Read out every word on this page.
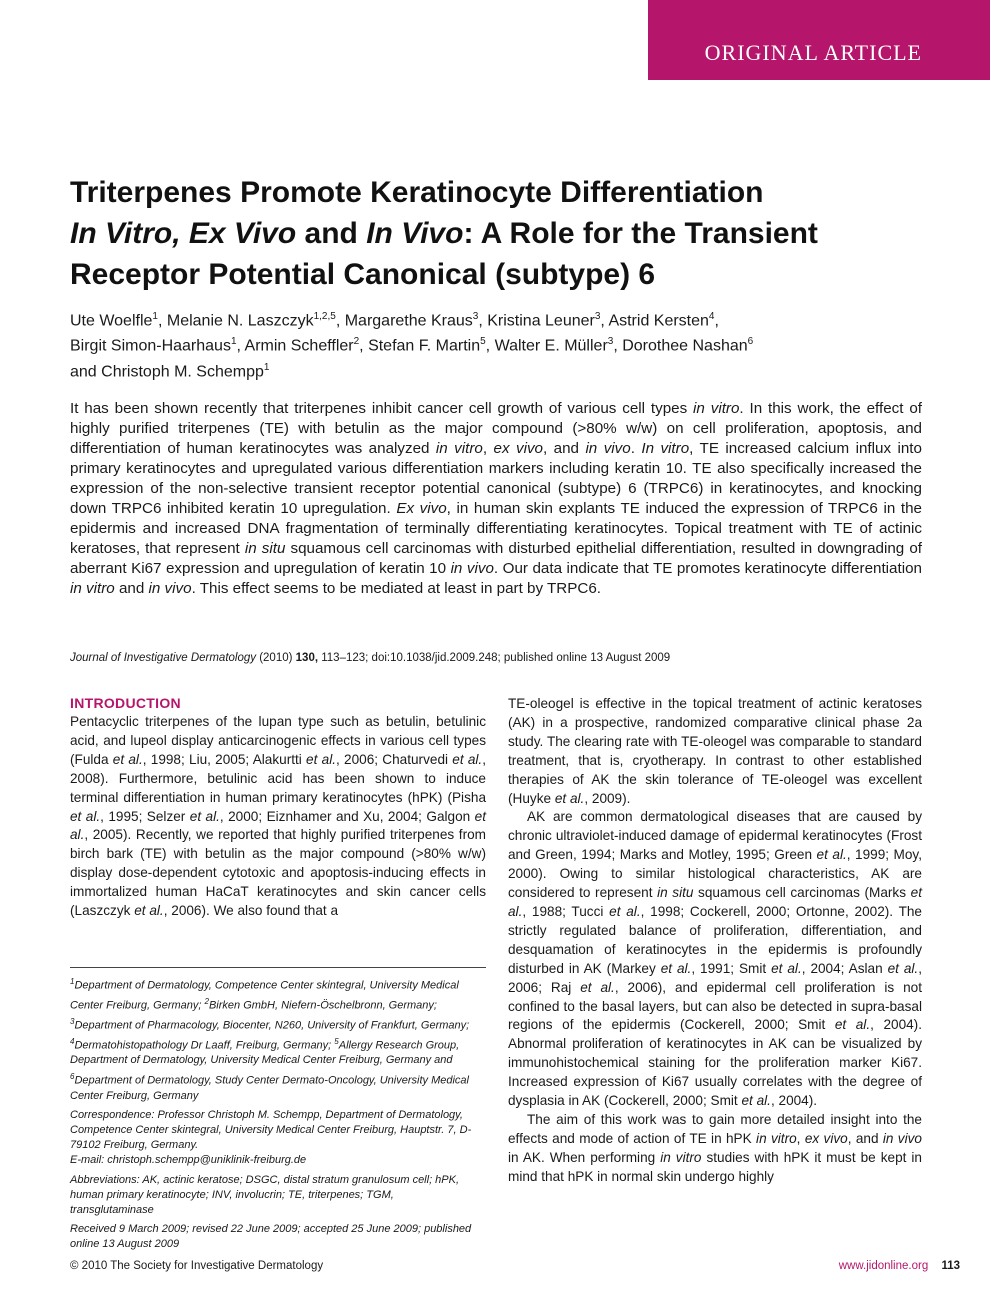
ORIGINAL ARTICLE
Triterpenes Promote Keratinocyte Differentiation
In Vitro, Ex Vivo and In Vivo: A Role for the Transient
Receptor Potential Canonical (subtype) 6

Ute Woelfle$^1$, Melanie N. Laszczyk$^{1,2,5}$, Margarethe Kraus$^3$, Kristina Leuner$^3$, Astrid Kersten$^4$,
Birgit Simon-Haarhaus$^1$, Armin Scheffler$^2$, Stefan F. Martin$^5$, Walter E. Müller$^3$, Dorothee Nashan$^6$
and Christoph M. Schempp$^1$

It has been shown recently that triterpenes inhibit cancer cell growth of various cell types in vitro. In this work, the effect of highly purified triterpenes (TE) with betulin as the major compound (>80% w/w) on cell proliferation, apoptosis, and differentiation of human keratinocytes was analyzed in vitro, ex vivo, and in vivo. In vitro, TE increased calcium influx into primary keratinocytes and upregulated various differentiation markers including keratin 10. TE also specifically increased the expression of the non-selective transient receptor potential canonical (subtype) 6 (TRPC6) in keratinocytes, and knocking down TRPC6 inhibited keratin 10 upregulation. Ex vivo, in human skin explants TE induced the expression of TRPC6 in the epidermis and increased DNA fragmentation of terminally differentiating keratinocytes. Topical treatment with TE of actinic keratoses, that represent in situ squamous cell carcinomas with disturbed epithelial differentiation, resulted in downgrading of aberrant Ki67 expression and upregulation of keratin 10 in vivo. Our data indicate that TE promotes keratinocyte differentiation in vitro and in vivo. This effect seems to be mediated at least in part by TRPC6.

Journal of Investigative Dermatology (2010) 130, 113–123; doi:10.1038/jid.2009.248; published online 13 August 2009

INTRODUCTION

Pentacyclic triterpenes of the lupan type such as betulin, betulinic acid, and lupeol display anticarcinogenic effects in various cell types (Fulda et al., 1998; Liu, 2005; Alakurtti et al., 2006; Chaturvedi et al., 2008). Furthermore, betulinic acid has been shown to induce terminal differentiation in human primary keratinocytes (hPK) (Pisha et al., 1995; Selzer et al., 2000; Eiznhamer and Xu, 2004; Galgon et al., 2005). Recently, we reported that highly purified triterpenes from birch bark (TE) with betulin as the major compound (>80% w/w) display dose-dependent cytotoxic and apoptosis-inducing effects in immortalized human HaCaT keratinocytes and skin cancer cells (Laszczyk et al., 2006). We also found that a

$^1$Department of Dermatology, Competence Center skintegral, University Medical Center Freiburg, Germany; $^2$Birken GmbH, Niefern-Öschelbronn, Germany; $^3$Department of Pharmacology, Biocenter, N260, University of Frankfurt, Germany; $^4$Dermatohistopathology Dr Laaff, Freiburg, Germany; $^5$Allergy Research Group, Department of Dermatology, University Medical Center Freiburg, Germany and $^6$Department of Dermatology, Study Center Dermato-Oncology, University Medical Center Freiburg, Germany

Correspondence: Professor Christoph M. Schempp, Department of Dermatology, Competence Center skintegral, University Medical Center Freiburg, Hauptstr. 7, D-79102 Freiburg, Germany.
E-mail: christoph.schempp@uniklinik-freiburg.de

Abbreviations: AK, actinic keratose; DSGC, distal stratum granulosum cell; hPK, human primary keratinocyte; INV, involucrin; TE, triterpenes; TGM, transglutaminase

Received 9 March 2009; revised 22 June 2009; accepted 25 June 2009; published online 13 August 2009

TE-oleogel is effective in the topical treatment of actinic keratoses (AK) in a prospective, randomized comparative clinical phase 2a study. The clearing rate with TE-oleogel was comparable to standard treatment, that is, cryotherapy. In contrast to other established therapies of AK the skin tolerance of TE-oleogel was excellent (Huyke et al., 2009).

AK are common dermatological diseases that are caused by chronic ultraviolet-induced damage of epidermal keratinocytes (Frost and Green, 1994; Marks and Motley, 1995; Green et al., 1999; Moy, 2000). Owing to similar histological characteristics, AK are considered to represent in situ squamous cell carcinomas (Marks et al., 1988; Tucci et al., 1998; Cockerell, 2000; Ortonne, 2002). The strictly regulated balance of proliferation, differentiation, and desquamation of keratinocytes in the epidermis is profoundly disturbed in AK (Markey et al., 1991; Smit et al., 2004; Aslan et al., 2006; Raj et al., 2006), and epidermal cell proliferation is not confined to the basal layers, but can also be detected in supra-basal regions of the epidermis (Cockerell, 2000; Smit et al., 2004). Abnormal proliferation of keratinocytes in AK can be visualized by immunohistochemical staining for the proliferation marker Ki67. Increased expression of Ki67 usually correlates with the degree of dysplasia in AK (Cockerell, 2000; Smit et al., 2004).

The aim of this work was to gain more detailed insight into the effects and mode of action of TE in hPK in vitro, ex vivo, and in vivo in AK. When performing in vitro studies with hPK it must be kept in mind that hPK in normal skin undergo highly

© 2010 The Society for Investigative Dermatology	www.jidonline.org 113
